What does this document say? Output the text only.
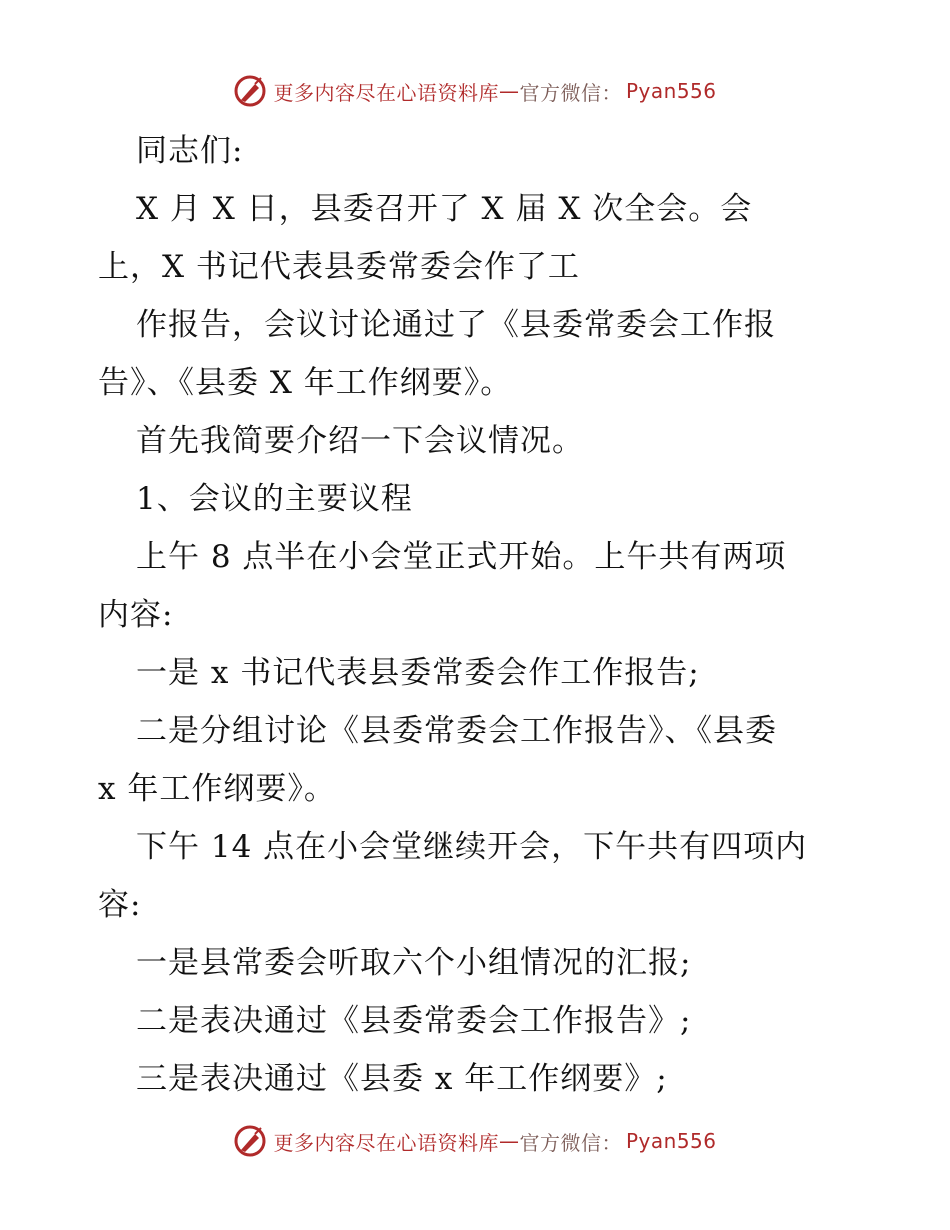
更多内容尽在心语资料库 — 官方微信： Pyan556
同志们:
X 月 X 日，县委召开了 X 届 X 次全会。会
上，X 书记代表县委常委会作了工
作报告，会议讨论通过了《县委常委会工作报
告》、《县委 X 年工作纲要》。
首先我简要介绍一下会议情况。
1、会议的主要议程
上午 8 点半在小会堂正式开始。上午共有两项
内容:
一是 x 书记代表县委常委会作工作报告;
二是分组讨论《县委常委会工作报告》、《县委
x 年工作纲要》。
下午 14 点在小会堂继续开会，下午共有四项内
容:
一是县常委会听取六个小组情况的汇报;
二是表决通过《县委常委会工作报告》;
三是表决通过《县委 x 年工作纲要》;
更多内容尽在心语资料库 — 官方微信： Pyan556
